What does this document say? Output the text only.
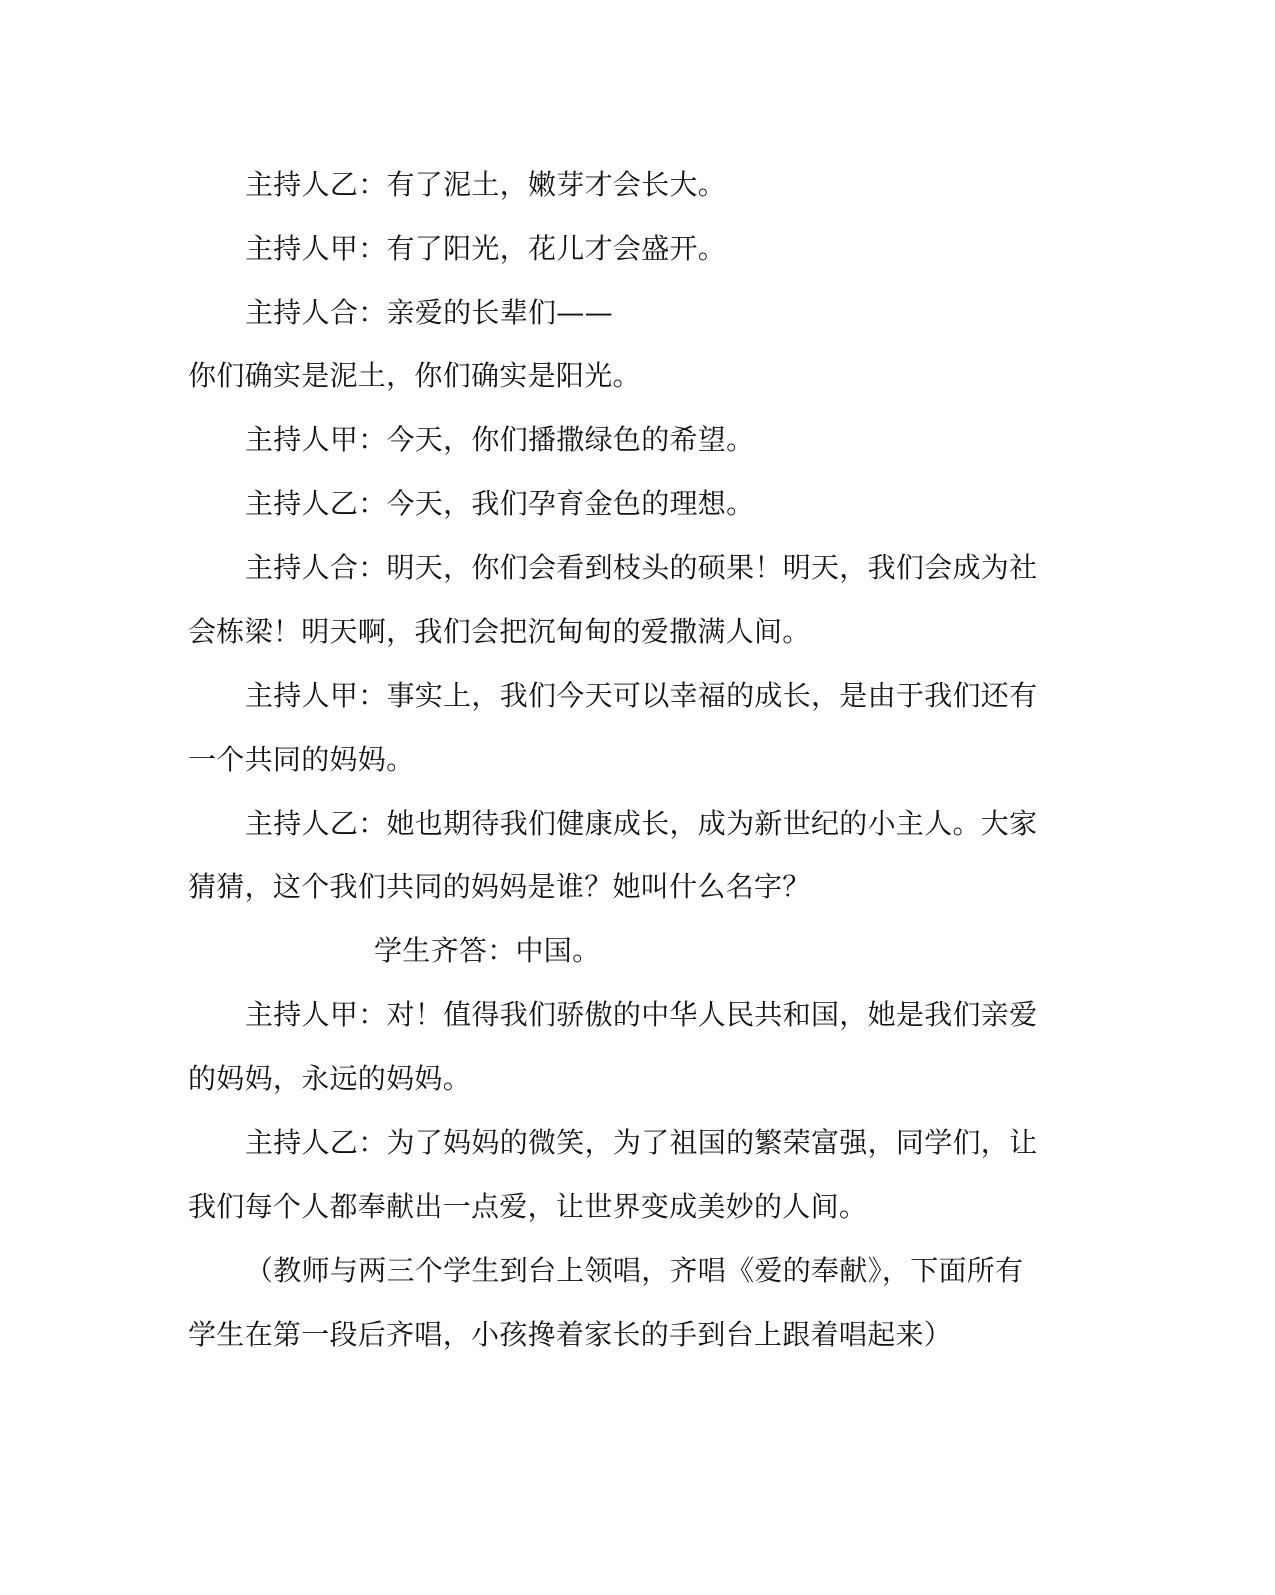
主持人乙：有了泥土，嫩芽才会长大。
主持人甲：有了阳光，花儿才会盛开。
主持人合：亲爱的长辈们——
你们确实是泥土，你们确实是阳光。
主持人甲：今天，你们播撒绿色的希望。
主持人乙：今天，我们孕育金色的理想。
主持人合：明天，你们会看到枝头的硕果！明天，我们会成为社
会栋梁！明天啊，我们会把沉甸甸的爱撒满人间。
主持人甲：事实上，我们今天可以幸福的成长，是由于我们还有
一个共同的妈妈。
主持人乙：她也期待我们健康成长，成为新世纪的小主人。大家
猜猜，这个我们共同的妈妈是谁？她叫什么名字？
学生齐答：中国。
主持人甲：对！值得我们骄傲的中华人民共和国，她是我们亲爱
的妈妈，永远的妈妈。
主持人乙：为了妈妈的微笑，为了祖国的繁荣富强，同学们，让
我们每个人都奉献出一点爱，让世界变成美妙的人间。
（教师与两三个学生到台上领唱，齐唱《爱的奉献》，下面所有
学生在第一段后齐唱，小孩搀着家长的手到台上跟着唱起来）
